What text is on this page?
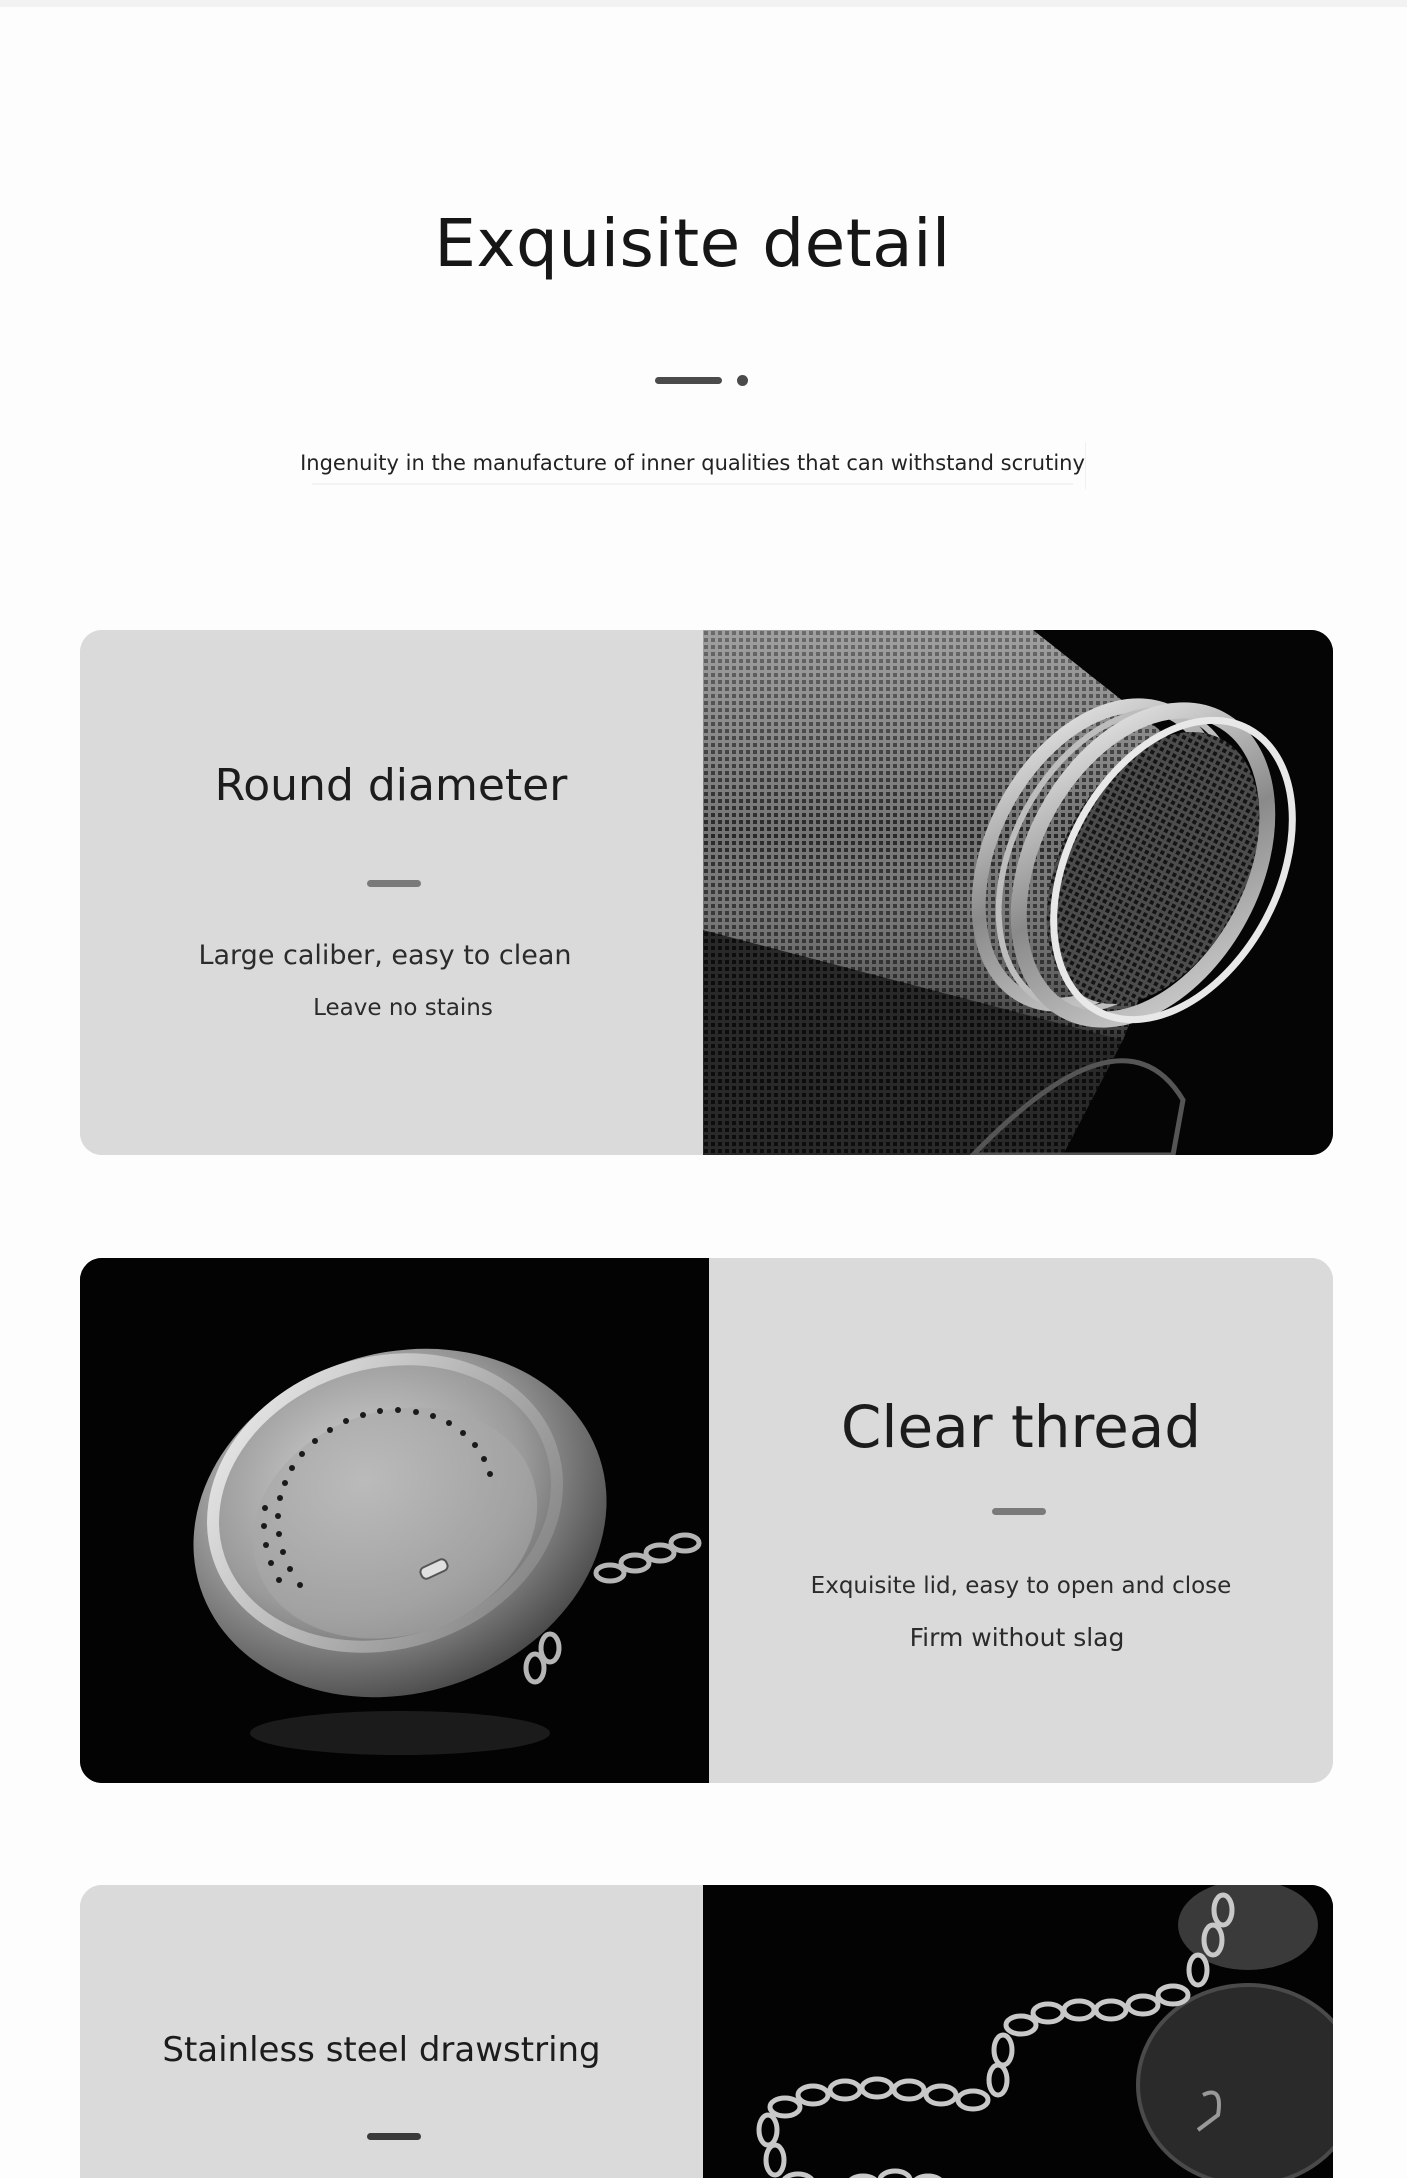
Exquisite detail
Ingenuity in the manufacture of inner qualities that can withstand scrutiny
Round diameter
Large caliber, easy to clean
Leave no stains
Clear thread
Exquisite lid, easy to open and close
Firm without slag
Stainless steel drawstring
